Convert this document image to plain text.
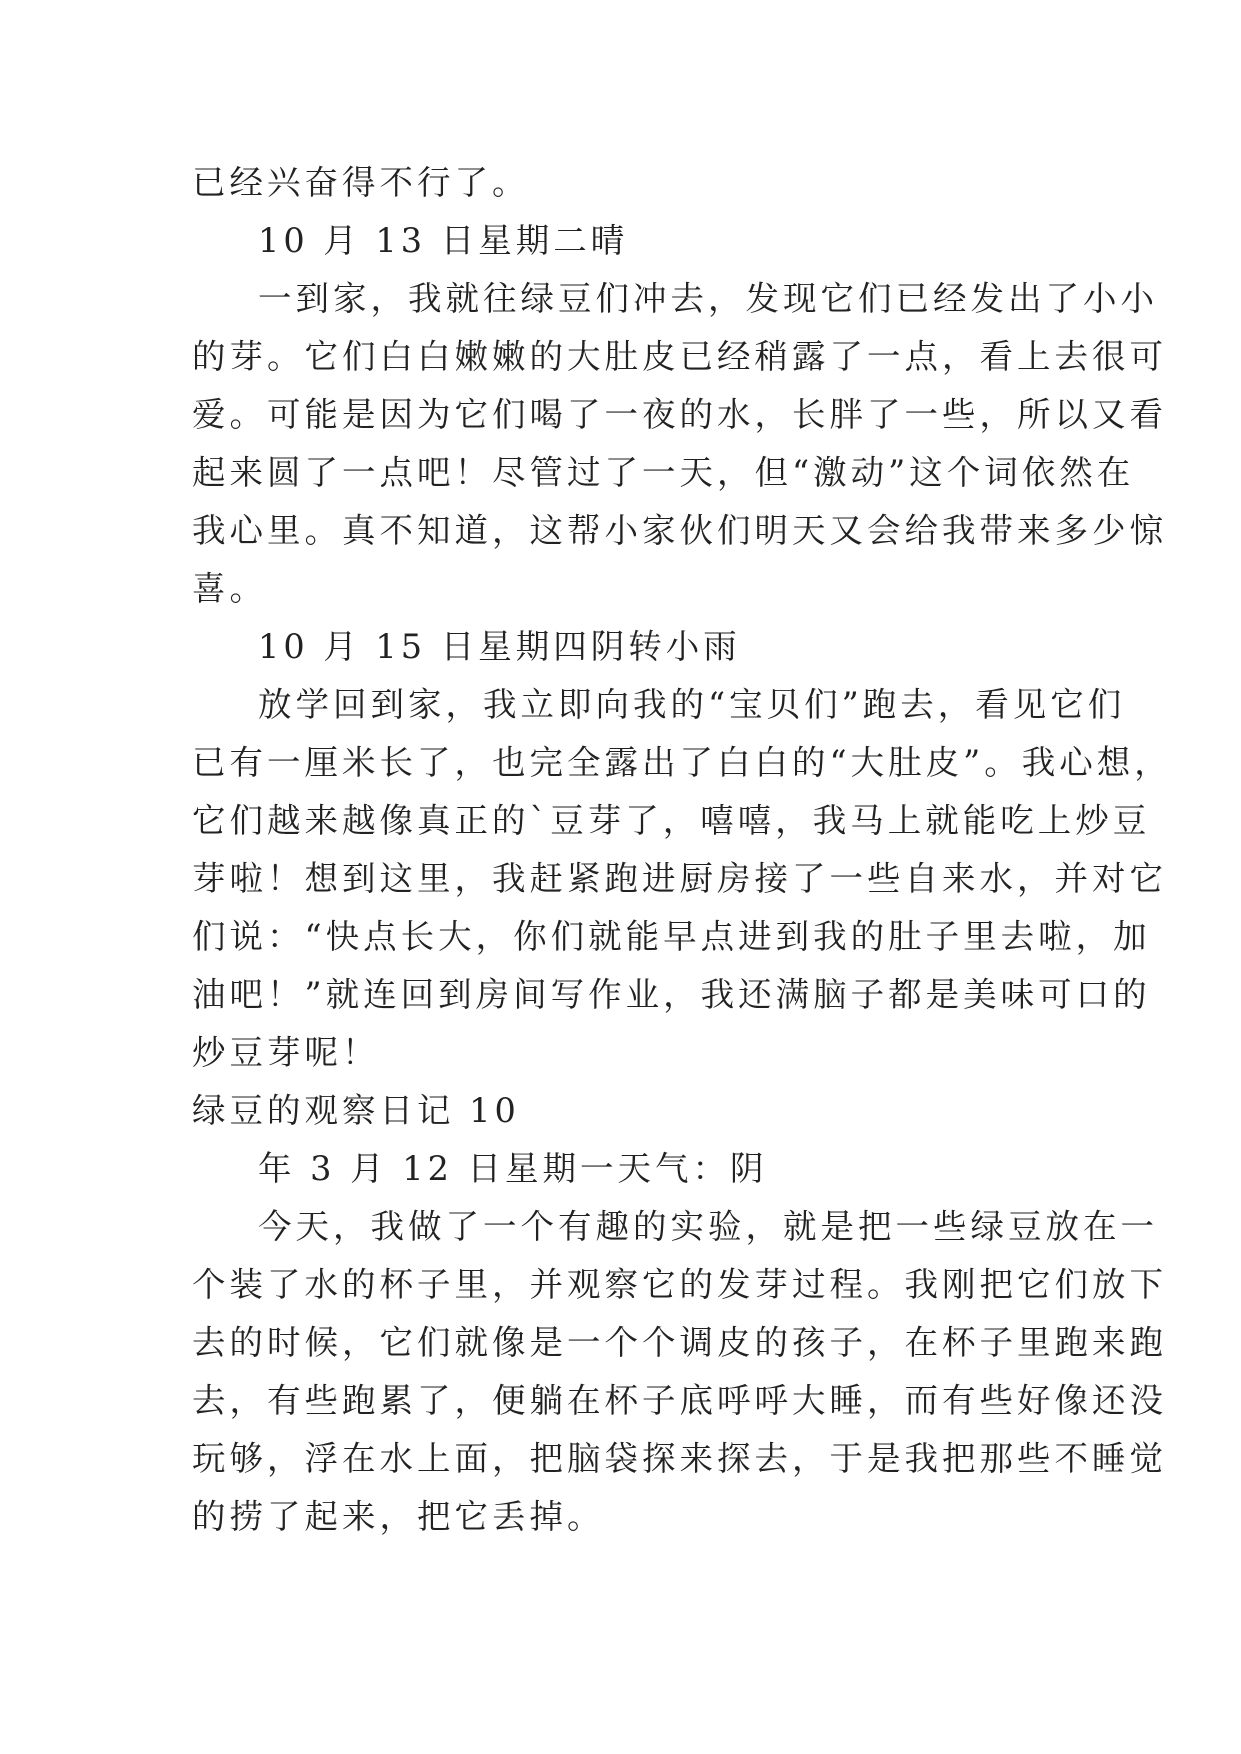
已经兴奋得不行了。
10 月 13 日星期二晴
一到家，我就往绿豆们冲去，发现它们已经发出了小小
的芽。它们白白嫩嫩的大肚皮已经稍露了一点，看上去很可
爱。可能是因为它们喝了一夜的水，长胖了一些，所以又看
起来圆了一点吧！尽管过了一天，但“激动”这个词依然在
我心里。真不知道，这帮小家伙们明天又会给我带来多少惊
喜。
10 月 15 日星期四阴转小雨
放学回到家，我立即向我的“宝贝们”跑去，看见它们
已有一厘米长了，也完全露出了白白的“大肚皮”。我心想，
它们越来越像真正的`豆芽了，嘻嘻，我马上就能吃上炒豆
芽啦！想到这里，我赶紧跑进厨房接了一些自来水，并对它
们说：“快点长大，你们就能早点进到我的肚子里去啦，加
油吧！”就连回到房间写作业，我还满脑子都是美味可口的
炒豆芽呢！
绿豆的观察日记 10
年 3 月 12 日星期一天气：阴
今天，我做了一个有趣的实验，就是把一些绿豆放在一
个装了水的杯子里，并观察它的发芽过程。我刚把它们放下
去的时候，它们就像是一个个调皮的孩子，在杯子里跑来跑
去，有些跑累了，便躺在杯子底呼呼大睡，而有些好像还没
玩够，浮在水上面，把脑袋探来探去，于是我把那些不睡觉
的捞了起来，把它丢掉。
